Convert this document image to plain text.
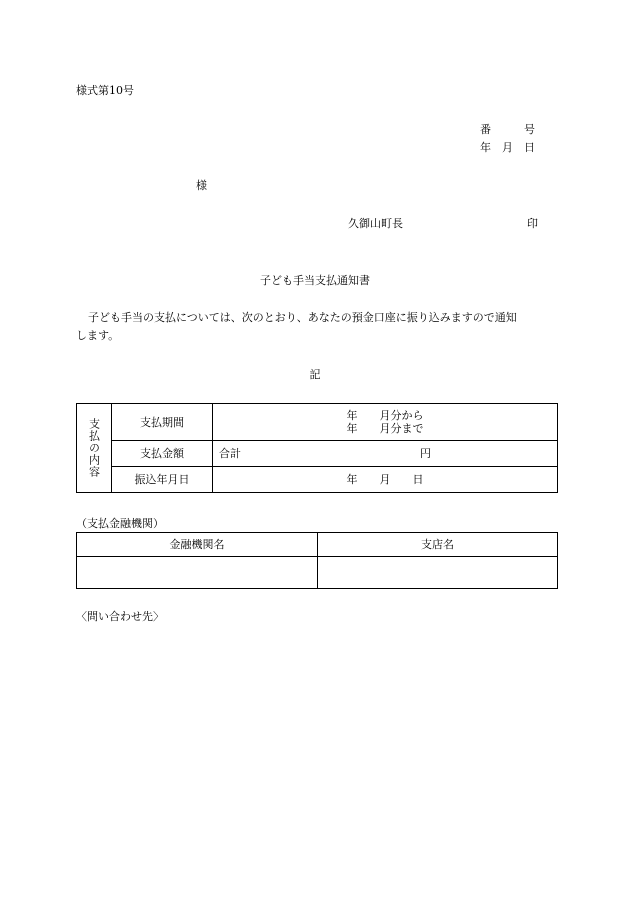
様式第10号
番　　　号
年　月　日
様
久御山町長	印
子ども手当支払通知書
子ども手当の支払については、次のとおり、あなたの預金口座に振り込みますので通知
します。
記
支払の内容	支払期間	年　　月分から
年　　月分まで

	支払金額	合計 円

	振込年月日	年　　月　　日
（支払金融機関）
金融機関名	支店名

〈問い合わせ先〉
